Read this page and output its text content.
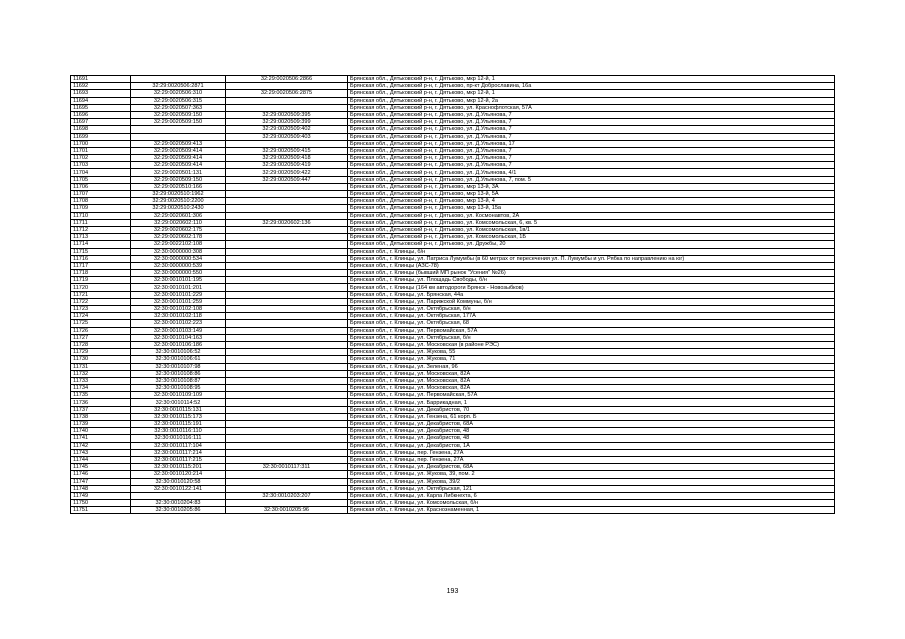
11691		32:29:0020506:2866	Брянская обл., Дятьковский р-н, г. Дятьково, мкр 12-й, 1
11692	32:29:0020506:2871		Брянская обл., Дятьковский р-н, г. Дятьково, пр-кт Доброславина, 16а
11693	32:29:0020506:310	32:29:0020506:2875	Брянская обл., Дятьковский р-н, г. Дятьково, мкр 12-й, 1
11694	32:29:0020506:315		Брянская обл., Дятьковский р-н, г. Дятьково, мкр 12-й, 2а
11695	32:29:0020507:363		Брянская обл., Дятьковский р-н, г. Дятьково, ул. Краснофлотская, 57А
11696	32:29:0020509:150	32:29:0020509:395	Брянская обл., Дятьковский р-н, г. Дятьково, ул. Д.Ульянова, 7
11697	32:29:0020509:150	32:29:0020509:399	Брянская обл., Дятьковский р-н, г. Дятьково, ул. Д.Ульянова, 7
11698		32:29:0020509:402	Брянская обл., Дятьковский р-н, г. Дятьково, ул. Д.Ульянова, 7
11699		32:29:0020509:403	Брянская обл., Дятьковский р-н, г. Дятьково, ул. Д.Ульянова, 7
11700	32:29:0020509:413		Брянская обл., Дятьковский р-н, г. Дятьково, ул. Д.Ульянова, 17
11701	32:29:0020509:414	32:29:0020509:415	Брянская обл., Дятьковский р-н, г. Дятьково, ул. Д.Ульянова, 7
11702	32:29:0020509:414	32:29:0020509:418	Брянская обл., Дятьковский р-н, г. Дятьково, ул. Д.Ульянова, 7
11703	32:29:0020509:414	32:29:0020509:419	Брянская обл., Дятьковский р-н, г. Дятьково, ул. Д.Ульянова, 7
11704	32:29:0020501:131	32:29:0020509:422	Брянская обл., Дятьковский р-н, г. Дятьково, ул. Д.Ульянова, 4/1
11705	32:29:0020509:150	32:29:0020509:447	Брянская обл., Дятьковский р-н, г. Дятьково, ул. Д.Ульянова, 7, пом. 5
11706	32:29:0020510:166		Брянская обл., Дятьковский р-н, г. Дятьково, мкр 13-й, 3А
11707	32:29:0020510:1962		Брянская обл., Дятьковский р-н, г. Дятьково, мкр 13-й, 5А
11708	32:29:0020510:2200		Брянская обл., Дятьковский р-н, г. Дятьково, мкр 13-й, 4
11709	32:29:0020510:2430		Брянская обл., Дятьковский р-н, г. Дятьково, мкр 13-й, 15а
11710	32:29:0020601:306		Брянская обл., Дятьковский р-н, г. Дятьково, ул. Космонавтов, 2А
11711	32:29:0020602:110	32:29:0020602:136	Брянская обл., Дятьковский р-н, г. Дятьково, ул. Комсомольская, 6, кв. 5
11712	32:29:0020602:175		Брянская обл., Дятьковский р-н, г. Дятьково, ул. Комсомольская, 1в/1
11713	32:29:0020602:178		Брянская обл., Дятьковский р-н, г. Дятьково, ул. Комсомольская, 1Б
11714	32:29:0022102:108		Брянская обл., Дятьковский р-н, г. Дятьково, ул. Дружбы, 20
11715	32:30:0000000:308		Брянская обл., г. Клинцы, б/н
11716	32:30:0000000:534		Брянская обл., г. Клинцы, ул. Патриса Лумумбы (в 60 метрах от пересечения ул. П. Лумумбы и ул. Рябка по направлению на юг)
11717	32:30:0000000:539		Брянская обл., г. Клинцы (АЗС-78)
11718	32:30:0000000:550		Брянская обл., г. Клинцы (бывший МП рынок "Усения" №26)
11719	32:30:0010101:195		Брянская обл., г. Клинцы, ул. Площадь Свободы, б/н
11720	32:30:0010101:201		Брянская обл., г. Клинцы (164 км автодороги Брянск - Новозыбков)
11721	32:30:0010101:229		Брянская обл., г. Клинцы, ул. Брянская, 44а
11722	32:30:0010101:259		Брянская обл., г. Клинцы, ул. Парижской Коммуны, б/н
11723	32:30:0010102:108		Брянская обл., г. Клинцы, ул. Октябрьская, б/н
11724	32:30:0010102:118		Брянская обл., г. Клинцы, ул. Октябрьская, 177А
11725	32:30:0010102:223		Брянская обл., г. Клинцы, ул. Октябрьская, 68
11726	32:30:0010103:149		Брянская обл., г. Клинцы, ул. Первомайская, 57А
11727	32:30:0010104:163		Брянская обл., г. Клинцы, ул. Октябрьская, б/н
11728	32:30:0010106:186		Брянская обл., г. Клинцы, ул. Московская (в районе РЭС)
11729	32:30:0010106:52		Брянская обл., г. Клинцы, ул. Жукова, 55
11730	32:30:0010106:61		Брянская обл., г. Клинцы, ул. Жукова, 71
11731	32:30:0010107:98		Брянская обл., г. Клинцы, ул. Зеленая, 96
11732	32:30:0010108:86		Брянская обл., г. Клинцы, ул. Московская, 82А
11733	32:30:0010108:87		Брянская обл., г. Клинцы, ул. Московская, 82А
11734	32:30:0010108:95		Брянская обл., г. Клинцы, ул. Московская, 82А
11735	32:30:0010109:109		Брянская обл., г. Клинцы, ул. Первомайская, 57А
11736	32:30:0010114:52		Брянская обл., г. Клинцы, ул. Баррикадная, 1
11737	32:30:0010115:131		Брянская обл., г. Клинцы, ул. Декабристов, 70
11738	32:30:0010115:173		Брянская обл., г. Клинцы, ул. Гензена, 61 корп. Б
11739	32:30:0010115:191		Брянская обл., г. Клинцы, ул. Декабристов, 68А
11740	32:30:0010116:110		Брянская обл., г. Клинцы, ул. Декабристов, 48
11741	32:30:0010116:111		Брянская обл., г. Клинцы, ул. Декабристов, 48
11742	32:30:0010117:104		Брянская обл., г. Клинцы, ул. Декабристов, 1А
11743	32:30:0010117:214		Брянская обл., г. Клинцы, пер. Гензена, 27А
11744	32:30:0010117:215		Брянская обл., г. Клинцы, пер. Гензена, 27А
11745	32:30:0010115:201	32:30:0010117:311	Брянская обл., г. Клинцы, ул. Декабристов, 68А
11746	32:30:0010120:214		Брянская обл., г. Клинцы, ул. Жукова, 39, пом. 2
11747	32:30:0010120:58		Брянская обл., г. Клинцы, ул. Жукова, 39/2
11748	32:30:0010122:141		Брянская обл., г. Клинцы, ул. Октябрьская, 121
11749		32:30:0010203:207	Брянская обл., г. Клинцы, ул. Карла Либкнехта, 6
11750	32:30:0010204:83		Брянская обл., г. Клинцы, ул. Комсомольская, б/н
11751	32:30:0010205:86	32:30:0010205:96	Брянская обл., г. Клинцы, ул. Краснознаменная, 1
193
